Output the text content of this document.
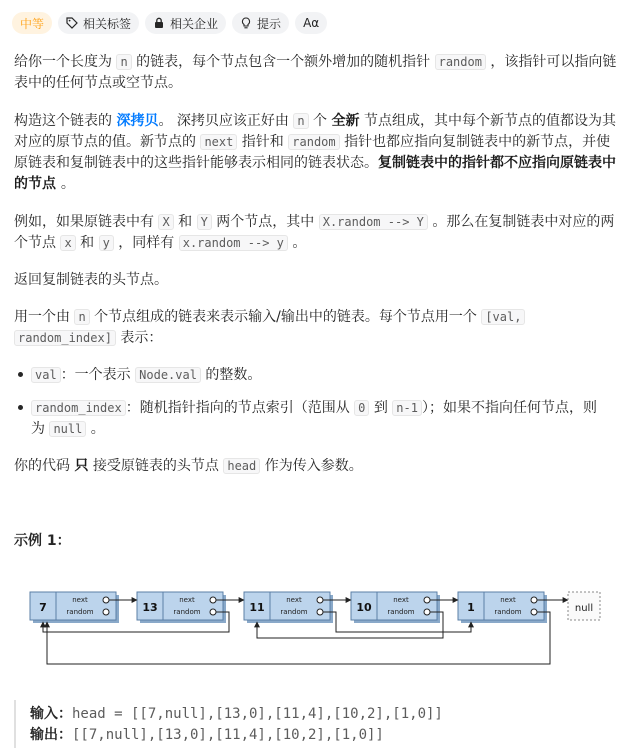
中等	相关标签	相关企业	提示	Aα
给你一个长度为 n 的链表，每个节点包含一个额外增加的随机指针 random ，该指针可以指向链
表中的任何节点或空节点。
构造这个链表的 深拷贝。 深拷贝应该正好由 n 个 全新 节点组成，其中每个新节点的值都设为其
对应的原节点的值。新节点的 next 指针和 random 指针也都应指向复制链表中的新节点，并使
原链表和复制链表中的这些指针能够表示相同的链表状态。复制链表中的指针都不应指向原链表中
的节点 。
例如，如果原链表中有 X 和 Y 两个节点，其中 X.random --> Y 。那么在复制链表中对应的两
个节点 x 和 y ，同样有 x.random --> y 。
返回复制链表的头节点。
用一个由 n 个节点组成的链表来表示输入/输出中的链表。每个节点用一个 [val,
random_index] 表示：
val ：一个表示 Node.val 的整数。
random_index ：随机指针指向的节点索引（范围从 0 到 n-1 ）；如果不指向任何节点，则
为 null 。
你的代码 只 接受原链表的头节点 head 作为传入参数。
示例 1：
7
next
random	13
next
random	11
next
random	10
next
random	1
next
random	null
输入：head = [[7,null],[13,0],[11,4],[10,2],[1,0]]
输出：[[7,null],[13,0],[11,4],[10,2],[1,0]]
